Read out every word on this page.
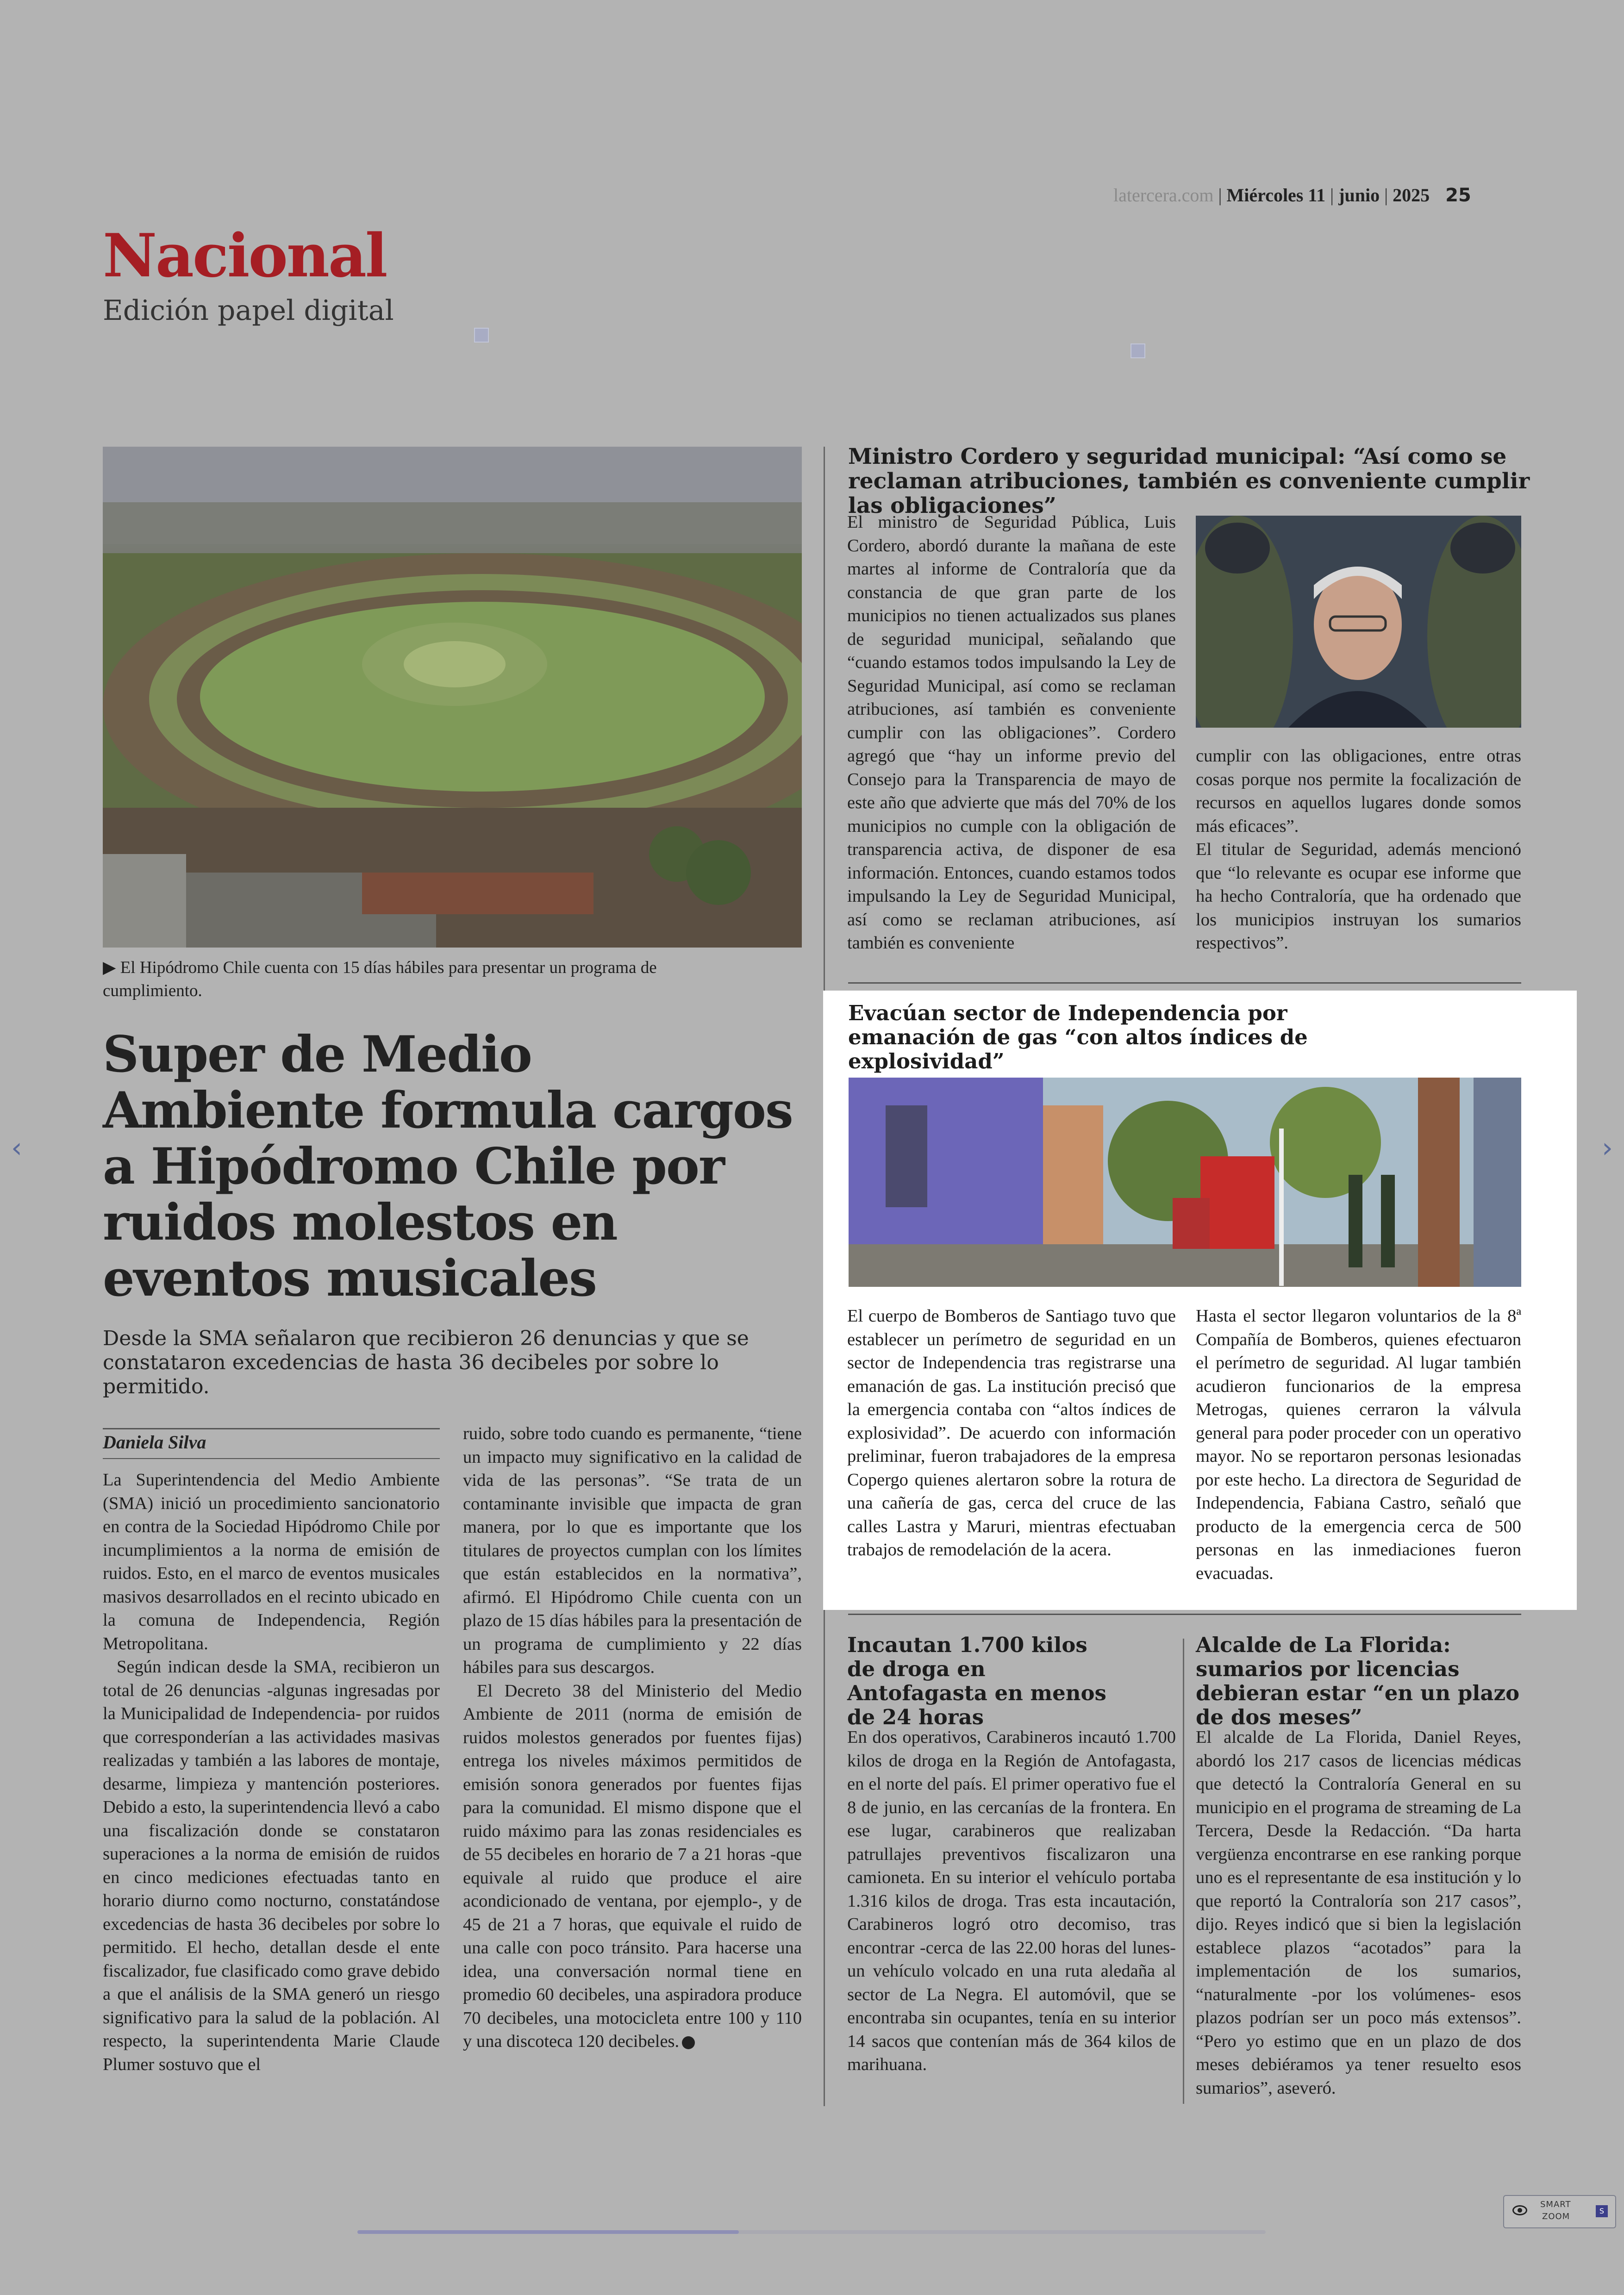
latercera.com | Miércoles 11 | junio | 2025 25
Nacional
Edición papel digital
▶ El Hipódromo Chile cuenta con 15 días hábiles para presentar un programa de cumplimiento.
Super de Medio Ambiente formula cargos a Hipódromo Chile por ruidos molestos en eventos musicales
Desde la SMA señalaron que recibieron 26 denuncias y que se constataron excedencias de hasta 36 decibeles por sobre lo permitido.
Daniela Silva

La Superintendencia del Medio Ambiente (SMA) inició un procedimiento sancionatorio en contra de la Sociedad Hipódromo Chile por incumplimientos a la norma de emisión de ruidos. Esto, en el marco de eventos musicales masivos desarrollados en el recinto ubicado en la comuna de Independencia, Región Metropolitana.

Según indican desde la SMA, recibieron un total de 26 denuncias -algunas ingresadas por la Municipalidad de Independencia- por ruidos que corresponderían a las actividades masivas realizadas y también a las labores de montaje, desarme, limpieza y mantención posteriores. Debido a esto, la superintendencia llevó a cabo una fiscalización donde se constataron superaciones a la norma de emisión de ruidos en cinco mediciones efectuadas tanto en horario diurno como nocturno, constatándose excedencias de hasta 36 decibeles por sobre lo permitido. El hecho, detallan desde el ente fiscalizador, fue clasificado como grave debido a que el análisis de la SMA generó un riesgo significativo para la salud de la población. Al respecto, la superintendenta Marie Claude Plumer sostuvo que el

ruido, sobre todo cuando es permanente, “tiene un impacto muy significativo en la calidad de vida de las personas”. “Se trata de un contaminante invisible que impacta de gran manera, por lo que es importante que los titulares de proyectos cumplan con los límites que están establecidos en la normativa”, afirmó. El Hipódromo Chile cuenta con un plazo de 15 días hábiles para la presentación de un programa de cumplimiento y 22 días hábiles para sus descargos.

El Decreto 38 del Ministerio del Medio Ambiente de 2011 (norma de emisión de ruidos molestos generados por fuentes fijas) entrega los niveles máximos permitidos de emisión sonora generados por fuentes fijas para la comunidad. El mismo dispone que el ruido máximo para las zonas residenciales es de 55 decibeles en horario de 7 a 21 horas -que equivale al ruido que produce el aire acondicionado de ventana, por ejemplo-, y de 45 de 21 a 7 horas, que equivale el ruido de una calle con poco tránsito. Para hacerse una idea, una conversación normal tiene en promedio 60 decibeles, una aspiradora produce 70 decibeles, una motocicleta entre 100 y 110 y una discoteca 120 decibeles.

Ministro Cordero y seguridad municipal: “Así como se reclaman atribuciones, también es conveniente cumplir las obligaciones”
El ministro de Seguridad Pública, Luis Cordero, abordó durante la mañana de este martes al informe de Contraloría que da constancia de que gran parte de los municipios no tienen actualizados sus planes de seguridad municipal, señalando que “cuando estamos todos impulsando la Ley de Seguridad Municipal, así como se reclaman atribuciones, así también es conveniente cumplir con las obligaciones”. Cordero agregó que “hay un informe previo del Consejo para la Transparencia de mayo de este año que advierte que más del 70% de los municipios no cumple con la obligación de transparencia activa, de disponer de esa información. Entonces, cuando estamos todos impulsando la Ley de Seguridad Municipal, así como se reclaman atribuciones, así también es conveniente

cumplir con las obligaciones, entre otras cosas porque nos permite la focalización de recursos en aquellos lugares donde somos más eficaces”.

El titular de Seguridad, además mencionó que “lo relevante es ocupar ese informe que ha hecho Contraloría, que ha ordenado que los municipios instruyan los sumarios respectivos”.

Evacúan sector de Independencia por emanación de gas “con altos índices de explosividad”
El cuerpo de Bomberos de Santiago tuvo que establecer un perímetro de seguridad en un sector de Independencia tras registrarse una emanación de gas. La institución precisó que la emergencia contaba con “altos índices de explosividad”. De acuerdo con información preliminar, fueron trabajadores de la empresa Copergo quienes alertaron sobre la rotura de una cañería de gas, cerca del cruce de las calles Lastra y Maruri, mientras efectuaban trabajos de remodelación de la acera.
Hasta el sector llegaron voluntarios de la 8ª Compañía de Bomberos, quienes efectuaron el perímetro de seguridad. Al lugar también acudieron funcionarios de la empresa Metrogas, quienes cerraron la válvula general para poder proceder con un operativo mayor. No se reportaron personas lesionadas por este hecho. La directora de Seguridad de Independencia, Fabiana Castro, señaló que producto de la emergencia cerca de 500 personas en las inmediaciones fueron evacuadas.
Incautan 1.700 kilos de droga en Antofagasta en menos de 24 horas
En dos operativos, Carabineros incautó 1.700 kilos de droga en la Región de Antofagasta, en el norte del país. El primer operativo fue el 8 de junio, en las cercanías de la frontera. En ese lugar, carabineros que realizaban patrullajes preventivos fiscalizaron una camioneta. En su interior el vehículo portaba 1.316 kilos de droga. Tras esta incautación, Carabineros logró otro decomiso, tras encontrar -cerca de las 22.00 horas del lunes- un vehículo volcado en una ruta aledaña al sector de La Negra. El automóvil, que se encontraba sin ocupantes, tenía en su interior 14 sacos que contenían más de 364 kilos de marihuana.
Alcalde de La Florida: sumarios por licencias debieran estar “en un plazo de dos meses”
El alcalde de La Florida, Daniel Reyes, abordó los 217 casos de licencias médicas que detectó la Contraloría General en su municipio en el programa de streaming de La Tercera, Desde la Redacción. “Da harta vergüenza encontrarse en ese ranking porque uno es el representante de esa institución y lo que reportó la Contraloría son 217 casos”, dijo. Reyes indicó que si bien la legislación establece plazos “acotados” para la implementación de los sumarios, “naturalmente -por los volúmenes- esos plazos podrían ser un poco más extensos”. “Pero yo estimo que en un plazo de dos meses debiéramos ya tener resuelto esos sumarios”, aseveró.
‹	›
SMART
ZOOM
S
